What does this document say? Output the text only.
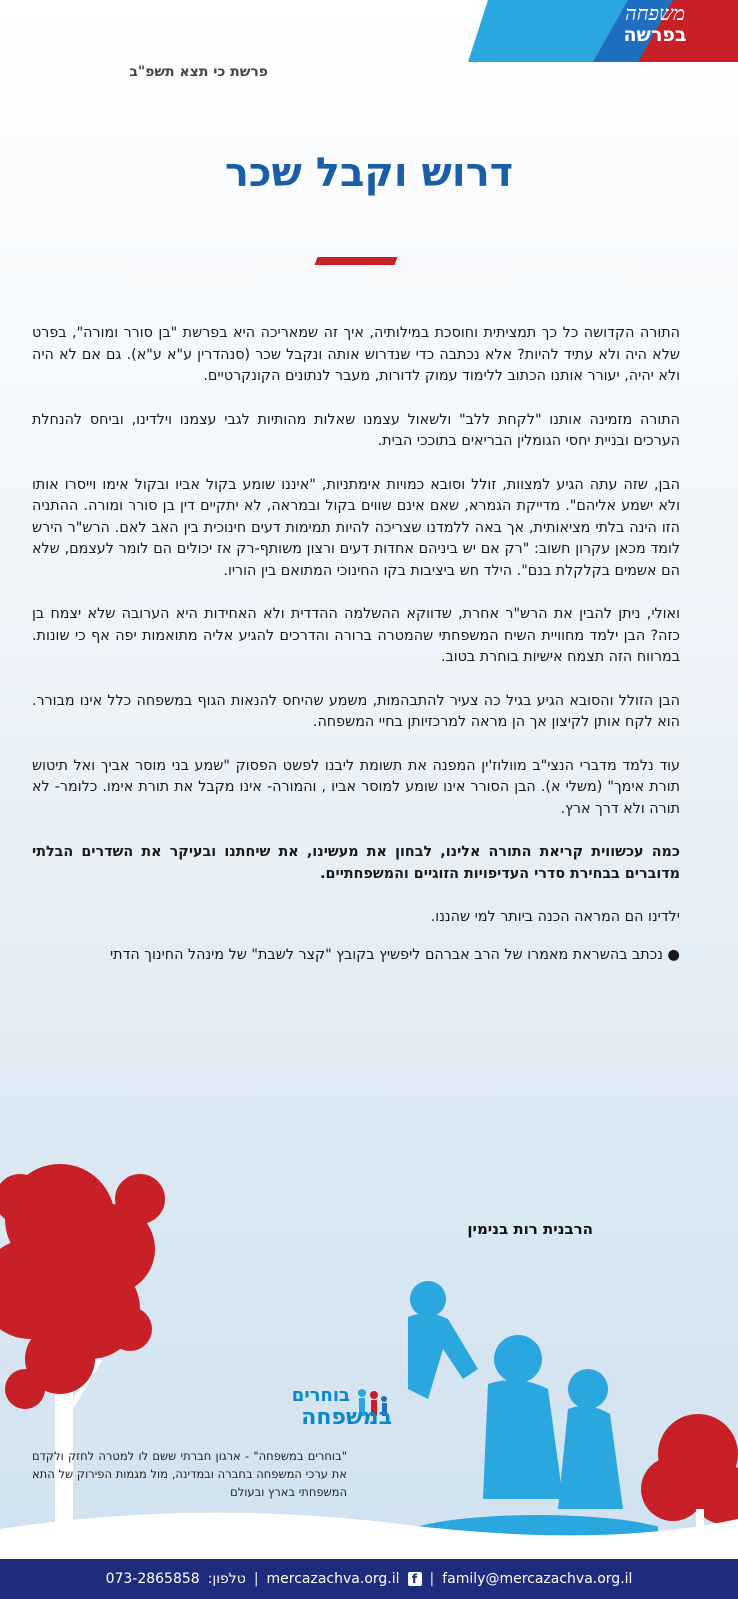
משפחה
בפרשה
פרשת כי תצא תשפ"ב
דרוש וקבל שכר

התורה הקדושה כל כך תמציתית וחוסכת במילותיה, איך זה שמאריכה היא בפרשת "בן סורר ומורה", בפרט שלא היה ולא עתיד להיות? אלא נכתבה כדי שנדרוש אותה ונקבל שכר (סנהדרין ע"א ע"א). גם אם לא היה ולא יהיה, יעורר אותנו הכתוב ללימוד עמוק לדורות, מעבר לנתונים הקונקרטיים.

התורה מזמינה אותנו "לקחת ללב" ולשאול עצמנו שאלות מהותיות לגבי עצמנו וילדינו, וביחס להנחלת הערכים ובניית יחסי הגומלין הבריאים בתוככי הבית.

הבן, שזה עתה הגיע למצוות, זולל וסובא כמויות אימתניות, "איננו שומע בקול אביו ובקול אימו וייסרו אותו ולא ישמע אליהם". מדייקת הגמרא, שאם אינם שווים בקול ובמראה, לא יתקיים דין בן סורר ומורה. ההתניה הזו הינה בלתי מציאותית, אך באה ללמדנו שצריכה להיות תמימות דעים חינוכית בין האב לאם. הרש"ר הירש לומד מכאן עקרון חשוב: "רק אם יש ביניהם אחדות דעים ורצון משותף-רק אז יכולים הם לומר לעצמם, שלא הם אשמים בקלקלת בנם". הילד חש ביציבות בקו החינוכי המתואם בין הוריו.

ואולי, ניתן להבין את הרש"ר אחרת, שדווקא ההשלמה ההדדית ולא האחידות היא הערובה שלא יצמח בן כזה? הבן ילמד מחוויית השיח המשפחתי שהמטרה ברורה והדרכים להגיע אליה מתואמות יפה אף כי שונות. במרווח הזה תצמח אישיות בוחרת בטוב.

הבן הזולל והסובא הגיע בגיל כה צעיר להתבהמות, משמע שהיחס להנאות הגוף במשפחה כלל אינו מבורר. הוא לקח אותן לקיצון אך הן מראה למרכזיותן בחיי המשפחה.

עוד נלמד מדברי הנצי"ב מוולוז'ין המפנה את תשומת ליבנו לפשט הפסוק "שמע בני מוסר אביך ואל תיטוש תורת אימך" (משלי א). הבן הסורר אינו שומע למוסר אביו , והמורה- אינו מקבל את תורת אימו. כלומר- לא תורה ולא דרך ארץ.

כמה עכשווית קריאת התורה אלינו, לבחון את מעשינו, את שיחתנו ובעיקר את השדרים הבלתי מדוברים בבחירת סדרי העדיפויות הזוגיים והמשפחתיים.

ילדינו הם המראה הכנה ביותר למי שהננו.

● נכתב בהשראת מאמרו של הרב אברהם ליפשיץ בקובץ "קצר לשבת" של מינהל החינוך הדתי

הרבנית רות בנימין
בוחרים
במשפחה
"בוחרים במשפחה" - ארגון חברתי ששם לו למטרה לחזק ולקדם את ערכי המשפחה בחברה ובמדינה, מול מגמות הפירוק של התא המשפחתי בארץ ובעולם
073-2865858 טלפון: | mercazachva.org.il	f | family@mercazachva.org.il
